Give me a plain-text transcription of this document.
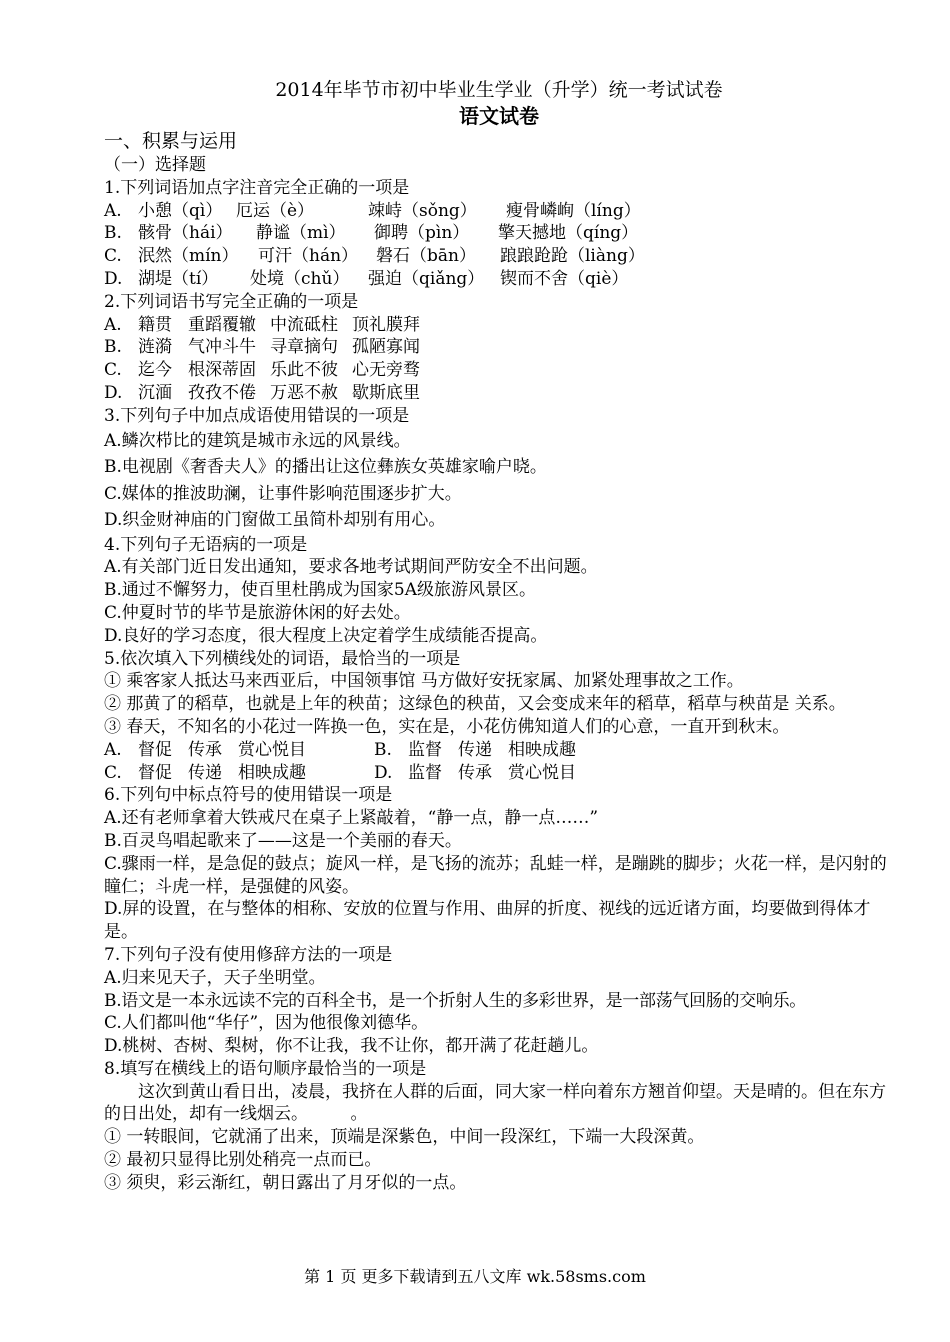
2014年毕节市初中毕业生学业（升学）统一考试试卷
语文试卷
一、积累与运用
（一）选择题
1.下列词语加点字注音完全正确的一项是
A. 小憩（qì） 厄运（è）	竦峙（sǒng） 瘦骨嶙峋（líng）
B. 骸骨（hái） 静谧（mì） 御聘（pìn） 擎天撼地（qíng）
C. 泯然（mín） 可汗（hán） 磐石（bān） 踉踉跄跄（liàng）
D. 湖堤（tí） 处境（chǔ） 强迫（qiǎng） 锲而不舍（qiè）
2.下列词语书写完全正确的一项是
A. 籍贯 重蹈覆辙 中流砥柱 顶礼膜拜
B. 涟漪 气冲斗牛 寻章摘句 孤陋寡闻
C. 迄今 根深蒂固 乐此不彼 心无旁骛
D. 沉湎 孜孜不倦 万恶不赦 歇斯底里
3.下列句子中加点成语使用错误的一项是
A.鳞次栉比的建筑是城市永远的风景线。
B.电视剧《奢香夫人》的播出让这位彝族女英雄家喻户晓。
C.媒体的推波助澜，让事件影响范围逐步扩大。
D.织金财神庙的门窗做工虽简朴却别有用心。
4.下列句子无语病的一项是
A.有关部门近日发出通知，要求各地考试期间严防安全不出问题。
B.通过不懈努力，使百里杜鹃成为国家5A级旅游风景区。
C.仲夏时节的毕节是旅游休闲的好去处。
D.良好的学习态度，很大程度上决定着学生成绩能否提高。
5.依次填入下列横线处的词语，最恰当的一项是
① 乘客家人抵达马来西亚后，中国领事馆 马方做好安抚家属、加紧处理事故之工作。
② 那黄了的稻草，也就是上年的秧苗；这绿色的秧苗，又会变成来年的稻草，稻草与秧苗是 关系。
③ 春天，不知名的小花过一阵换一色，实在是，小花仿佛知道人们的心意，一直开到秋末。
A. 督促 传承 赏心悦目	B. 监督 传递 相映成趣
C. 督促 传递 相映成趣	D. 监督 传承 赏心悦目
6.下列句中标点符号的使用错误一项是
A.还有老师拿着大铁戒尺在桌子上紧敲着，“静一点，静一点……”
B.百灵鸟唱起歌来了——这是一个美丽的春天。
C.骤雨一样，是急促的鼓点；旋风一样，是飞扬的流苏；乱蛙一样，是蹦跳的脚步；火花一样，是闪射的瞳仁；斗虎一样，是强健的风姿。
D.屏的设置，在与整体的相称、安放的位置与作用、曲屏的折度、视线的远近诸方面，均要做到得体才是。
7.下列句子没有使用修辞方法的一项是
A.归来见天子，天子坐明堂。
B.语文是一本永远读不完的百科全书，是一个折射人生的多彩世界，是一部荡气回肠的交响乐。
C.人们都叫他“华仔”，因为他很像刘德华。
D.桃树、杏树、梨树，你不让我，我不让你，都开满了花赶趟儿。
8.填写在横线上的语句顺序最恰当的一项是
这次到黄山看日出，凌晨，我挤在人群的后面，同大家一样向着东方翘首仰望。天是晴的。但在东方的日出处，却有一线烟云。　　　。
① 一转眼间，它就涌了出来，顶端是深紫色，中间一段深红，下端一大段深黄。
② 最初只显得比别处稍亮一点而已。
③ 须臾，彩云渐红，朝日露出了月牙似的一点。
第 1 页 更多下载请到五八文库 wk.58sms.com
